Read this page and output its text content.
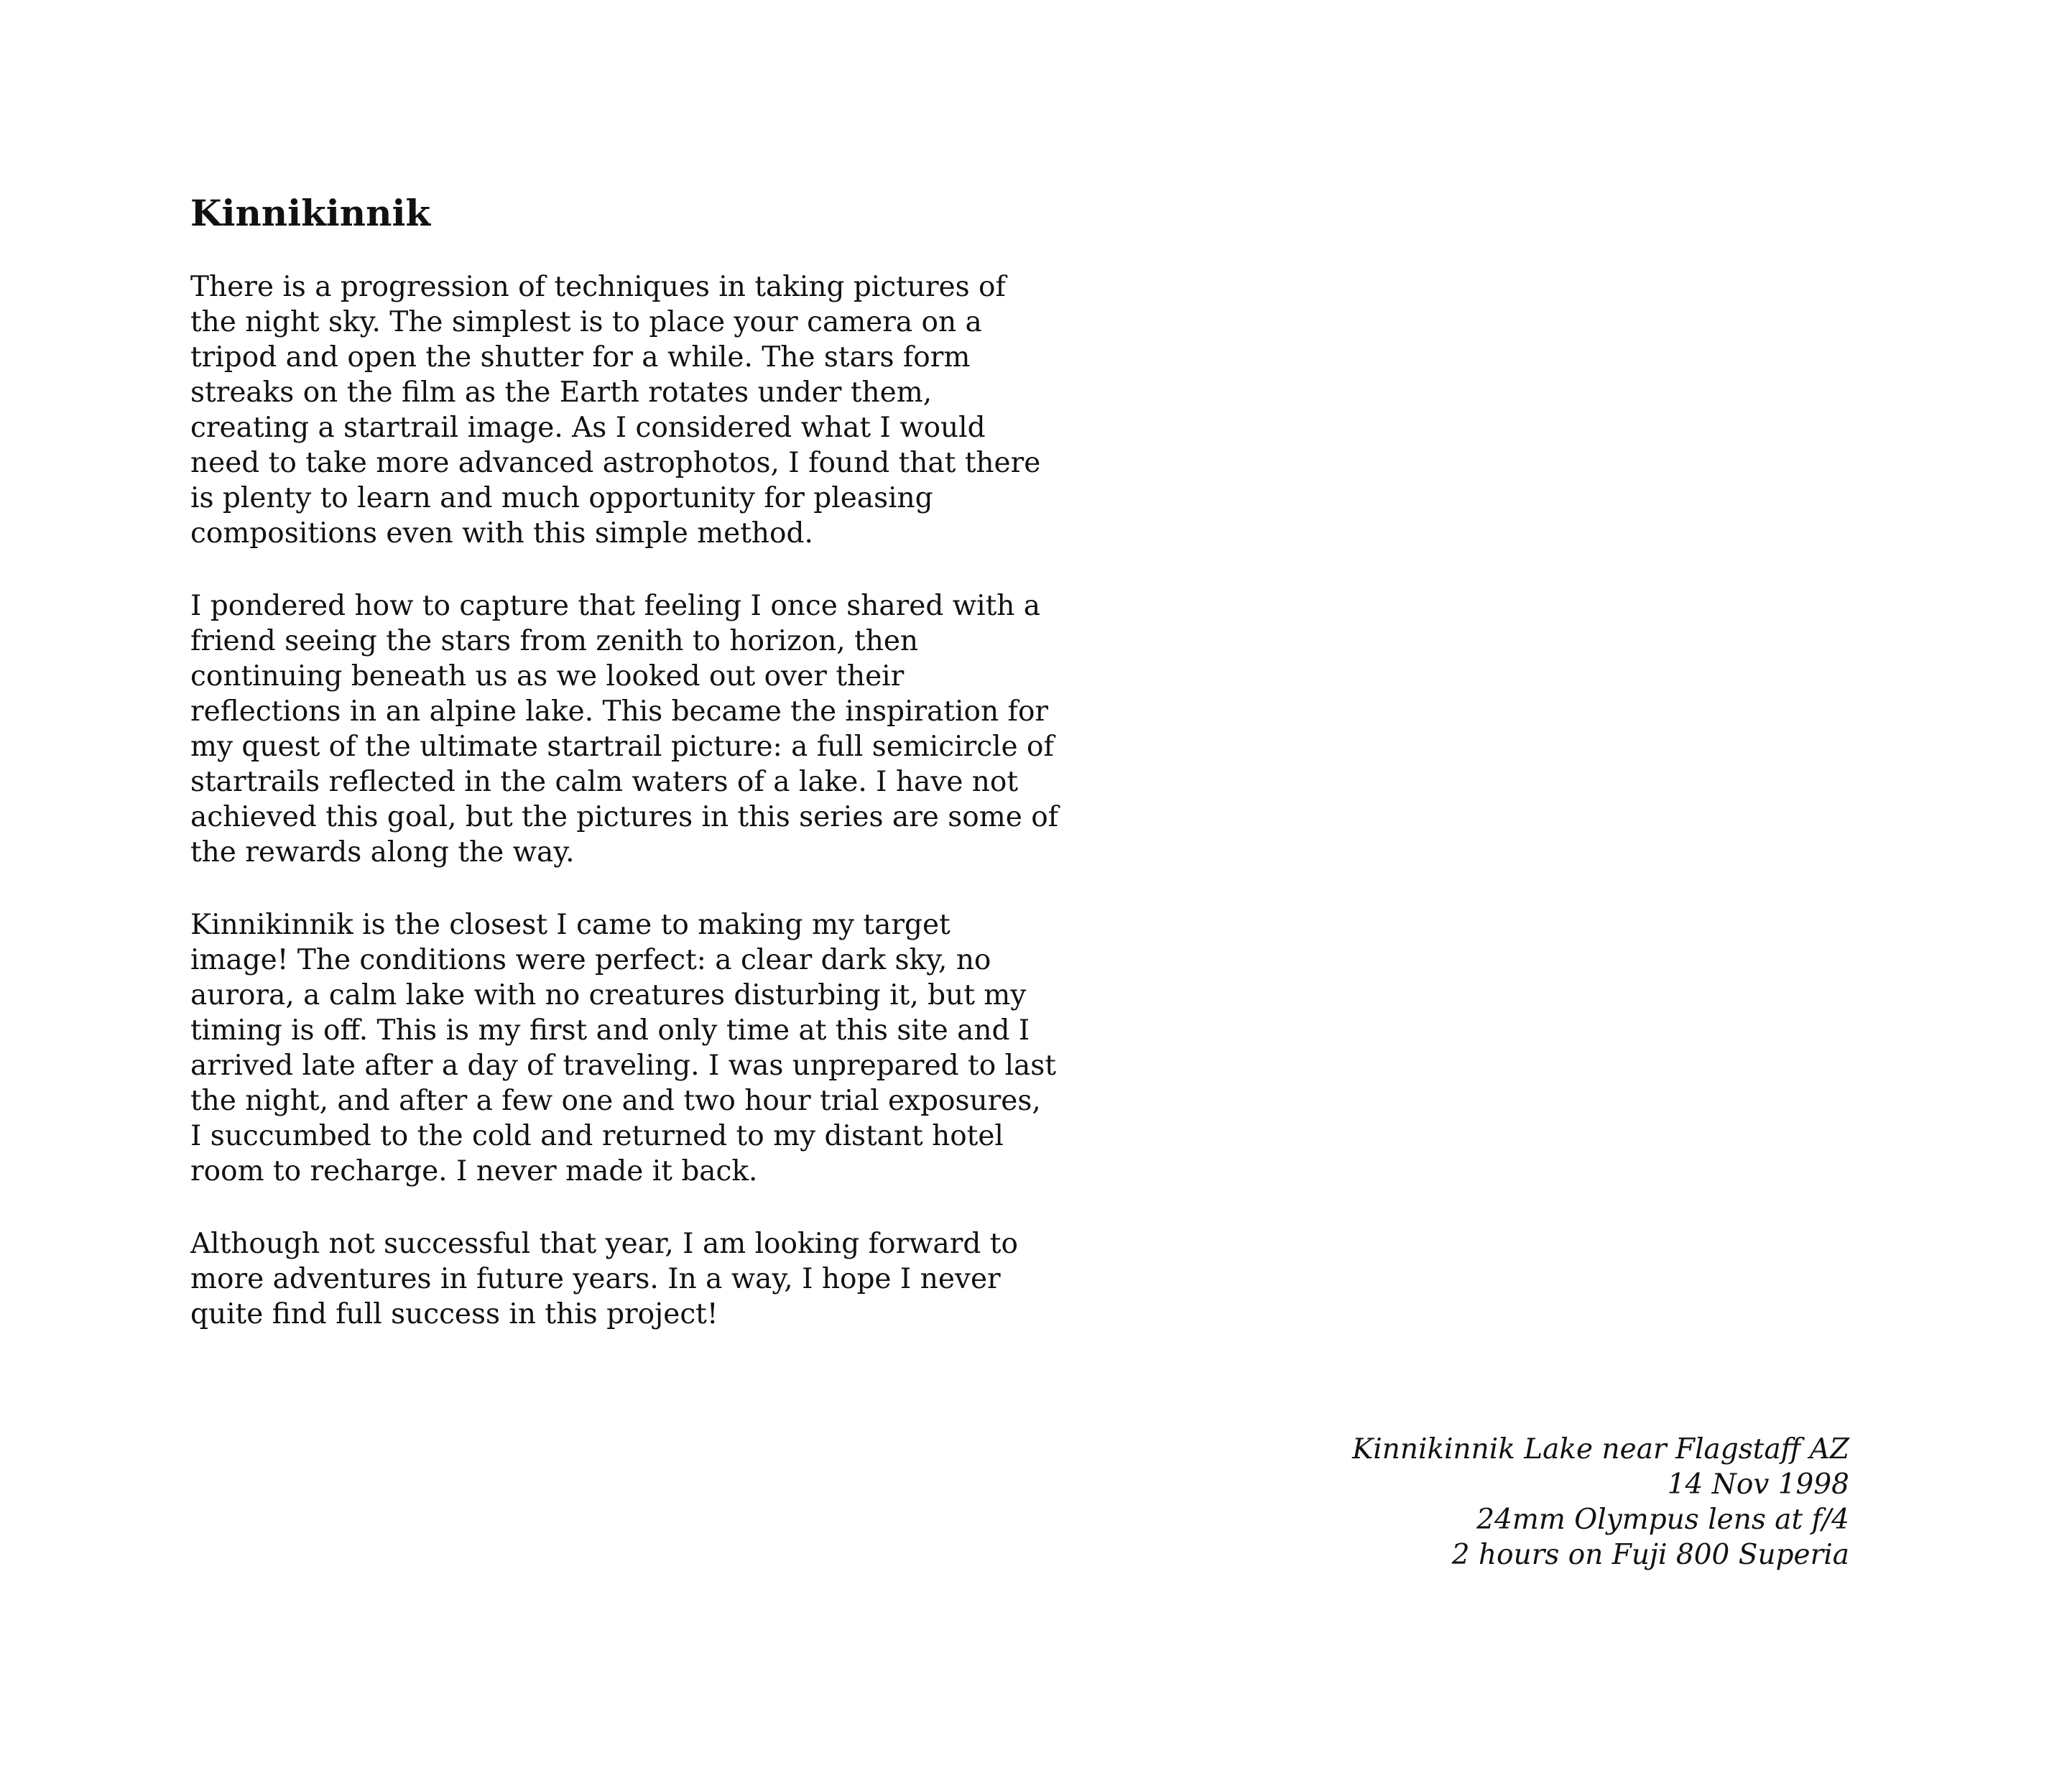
Kinnikinnik

There is a progression of techniques in taking pictures of
the night sky. The simplest is to place your camera on a
tripod and open the shutter for a while. The stars form
streaks on the film as the Earth rotates under them,
creating a startrail image. As I considered what I would
need to take more advanced astrophotos, I found that there
is plenty to learn and much opportunity for pleasing
compositions even with this simple method.

I pondered how to capture that feeling I once shared with a
friend seeing the stars from zenith to horizon, then
continuing beneath us as we looked out over their
reflections in an alpine lake. This became the inspiration for
my quest of the ultimate startrail picture: a full semicircle of
startrails reflected in the calm waters of a lake. I have not
achieved this goal, but the pictures in this series are some of
the rewards along the way.

Kinnikinnik is the closest I came to making my target
image! The conditions were perfect: a clear dark sky, no
aurora, a calm lake with no creatures disturbing it, but my
timing is off. This is my first and only time at this site and I
arrived late after a day of traveling. I was unprepared to last
the night, and after a few one and two hour trial exposures,
I succumbed to the cold and returned to my distant hotel
room to recharge. I never made it back.

Although not successful that year, I am looking forward to
more adventures in future years. In a way, I hope I never
quite find full success in this project!

Kinnikinnik Lake near Flagstaff AZ
14 Nov 1998
24mm Olympus lens at f/4
2 hours on Fuji 800 Superia
